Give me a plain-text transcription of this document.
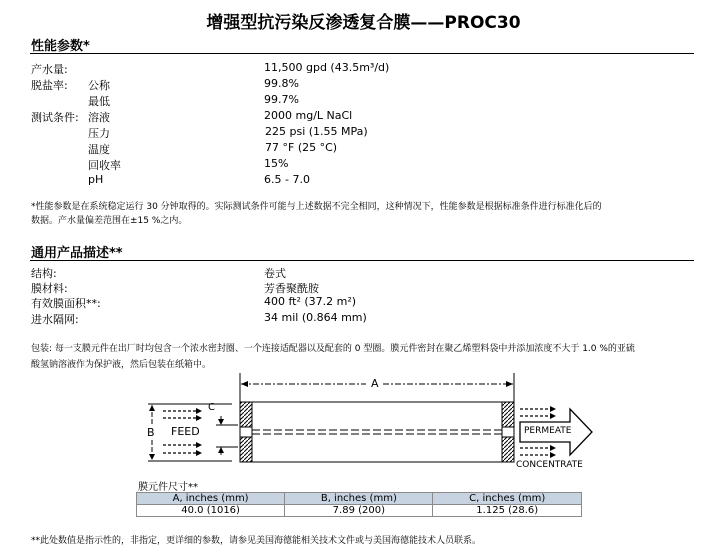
增强型抗污染反渗透复合膜——PROC30
性能参数*
产水量:	11,500 gpd (43.5m³/d)
脱盐率: 公称	99.8%
最低	99.7%
测试条件: 溶液	2000 mg/L NaCl
压力	225 psi (1.55 MPa)
温度	77 °F (25 °C)
回收率	15%
pH	6.5 - 7.0
*性能参数是在系统稳定运行 30 分钟取得的。实际测试条件可能与上述数据不完全相同，这种情况下，性能参数是根据标准条件进行标准化后的
数据。产水量偏差范围在±15 %之内。
通用产品描述**
结构:	卷式
膜材料:	芳香聚酰胺
有效膜面积**:	400 ft² (37.2 m²)
进水隔网:	34 mil (0.864 mm)
包装: 每一支膜元件在出厂时均包含一个浓水密封圈、一个连接适配器以及配套的 0 型圈。膜元件密封在聚乙烯塑料袋中并添加浓度不大于 1.0 %的亚硫
酸氢钠溶液作为保护液，然后包装在纸箱中。
A
B
C
FEED	PERMEATE
CONCENTRATE
膜元件尺寸**
A, inches (mm)	B, inches (mm)	C, inches (mm)
40.0 (1016)	7.89 (200)	1.125 (28.6)
**此处数值是指示性的，非指定，更详细的参数，请参见美国海德能相关技术文件或与美国海德能技术人员联系。
